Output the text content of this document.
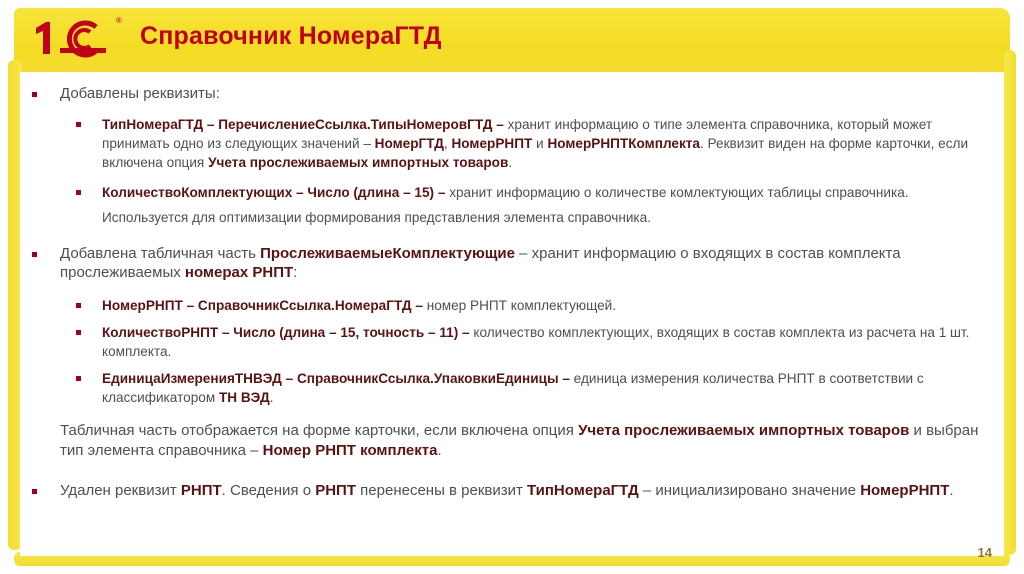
®
Справочник НомераГТД

Добавлены реквизиты:

ТипНомераГТД – ПеречислениеСсылка.ТипыНомеровГТД – хранит информацию о типе элемента справочника, который может принимать одно из следующих значений – НомерГТД, НомерРНПТ и НомерРНПТКомплекта. Реквизит виден на форме карточки, если включена опция Учета прослеживаемых импортных товаров.

КоличествоКомплектующих – Число (длина – 15) – хранит информацию о количестве комлектующих таблицы справочника. Используется для оптимизации формирования представления элемента справочника.

Добавлена табличная часть ПрослеживаемыеКомплектующие – хранит информацию о входящих в состав комплекта прослеживаемых номерах РНПТ:

НомерРНПТ – СправочникСсылка.НомераГТД – номер РНПТ комплектующей.

КоличествоРНПТ – Число (длина – 15, точность – 11) – количество комплектующих, входящих в состав комплекта из расчета на 1 шт. комплекта.

ЕдиницаИзмеренияТНВЭД – СправочникСсылка.УпаковкиЕдиницы – единица измерения количества РНПТ в соответствии с классификатором ТН ВЭД.

Табличная часть отображается на форме карточки, если включена опция Учета прослеживаемых импортных товаров и выбран тип элемента справочника – Номер РНПТ комплекта.

Удален реквизит РНПТ. Сведения о РНПТ перенесены в реквизит ТипНомераГТД – инициализировано значение НомерРНПТ.

14
